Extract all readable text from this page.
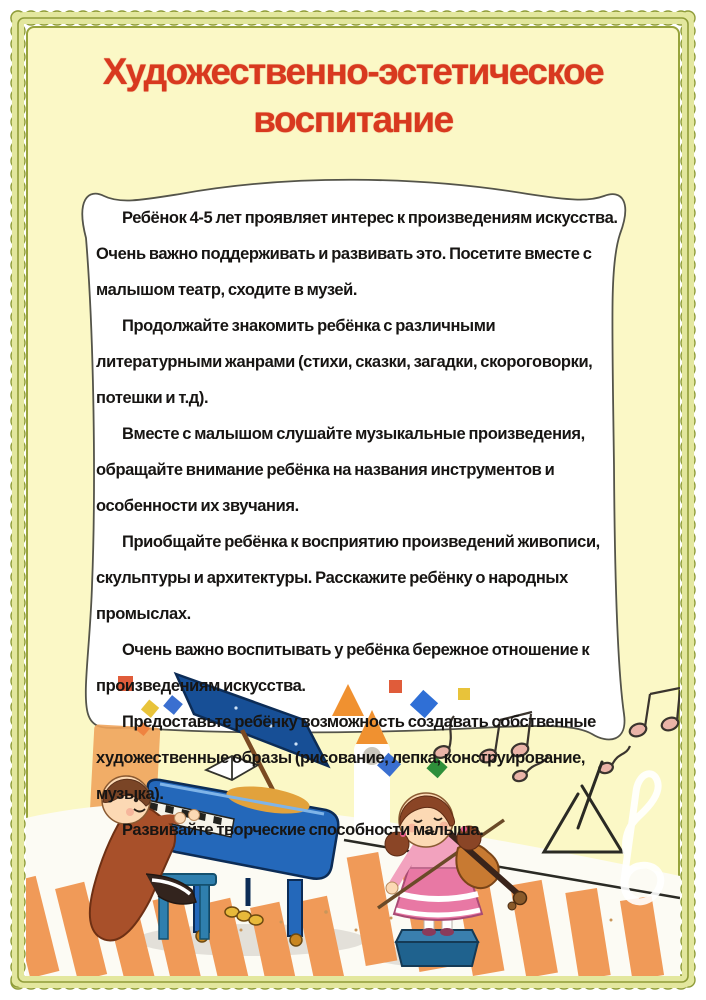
Художественно-эстетическое
воспитание

Ребёнок 4-5 лет проявляет интерес к произведениям искусства. Очень важно поддерживать и развивать это. Посетите вместе с малышом театр, сходите в музей.

Продолжайте знакомить ребёнка с различными литературными жанрами (стихи, сказки, загадки, скороговорки, потешки и т.д).

Вместе с малышом слушайте музыкальные произведения, обращайте внимание ребёнка на названия инструментов и особенности их звучания.

Приобщайте ребёнка к восприятию произведений живописи, скульптуры и архитектуры. Расскажите ребёнку о народных промыслах.

Очень важно воспитывать у ребёнка бережное отношение к произведениям искусства.

Предоставьте ребёнку возможность создавать собственные художественные образы (рисование, лепка, конструирование, музыка).

Развивайте творческие способности малыша.
